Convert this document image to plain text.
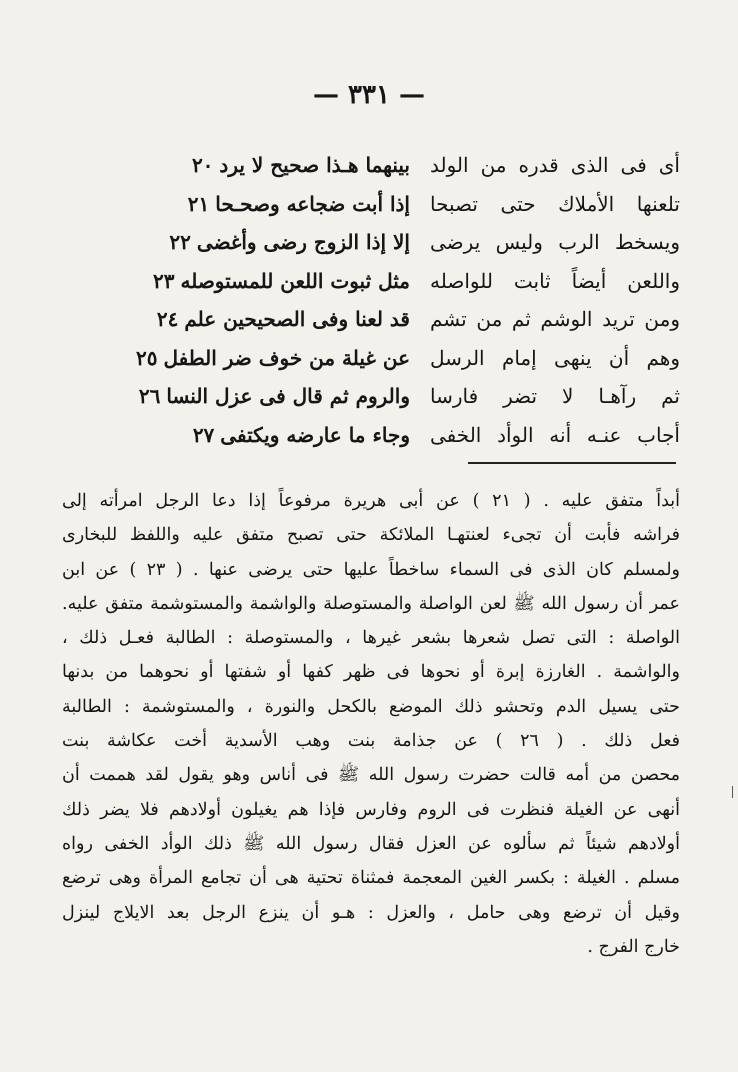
— ٣٣١ —
أى فى الذى قدره من الولد
بينهما هـذا صحيح لا يرد٢٠
تلعنها الأملاك حتى تصبحا
إذا أبت ضجاعه وصحـحا٢١
ويسخط الرب وليس يرضى
إلا إذا الزوج رضى وأغضى٢٢
واللعن أيضاً ثابت للواصله
مثل ثبوت اللعن للمستوصله٢٣
ومن تريد الوشم ثم من تشم
قد لعنا وفى الصحيحين علم٢٤
وهم أن ينهى إمام الرسل
عن غيلة من خوف ضر الطفل٢٥
ثم رآهـا لا تضر فارسا
والروم ثم قال فى عزل النسا٢٦
أجاب عنـه أنه الوأد الخفى
وجاء ما عارضه ويكتفى٢٧
أبداً متفق عليه . ( ٢١ ) عن أبى هريرة مرفوعاً إذا دعا الرجل امرأته إلى
فراشه فأبت أن تجىء لعنتهـا الملائكة حتى تصبح متفق عليه واللفظ للبخارى
ولمسلم كان الذى فى السماء ساخطاً عليها حتى يرضى عنها . ( ٢٣ ) عن ابن
عمر أن رسول الله ﷺ لعن الواصلة والمستوصلة والواشمة والمستوشمة متفق عليه.
الواصلة : التى تصل شعرها بشعر غيرها ، والمستوصلة : الطالبة فعـل ذلك ،
والواشمة . الغارزة إبرة أو نحوها فى ظهر كفها أو شفتها أو نحوهما من بدنها
حتى يسيل الدم وتحشو ذلك الموضع بالكحل والنورة ، والمستوشمة : الطالبة
فعل ذلك . ( ٢٦ ) عن جذامة بنت وهب الأسدية أخت عكاشة بنت
محصن من أمه قالت حضرت رسول الله ﷺ فى أناس وهو يقول لقد هممت أن
أنهى عن الغيلة فنظرت فى الروم وفارس فإذا هم يغيلون أولادهم فلا يضر ذلك
أولادهم شيئاً ثم سألوه عن العزل فقال رسول الله ﷺ ذلك الوأد الخفى رواه
مسلم . الغيلة : بكسر الغين المعجمة فمثناة تحتية هى أن تجامع المرأة وهى ترضع
وقيل أن ترضع وهى حامل ، والعزل : هـو أن ينزع الرجل بعد الايلاج لينزل
خارج الفرج .
